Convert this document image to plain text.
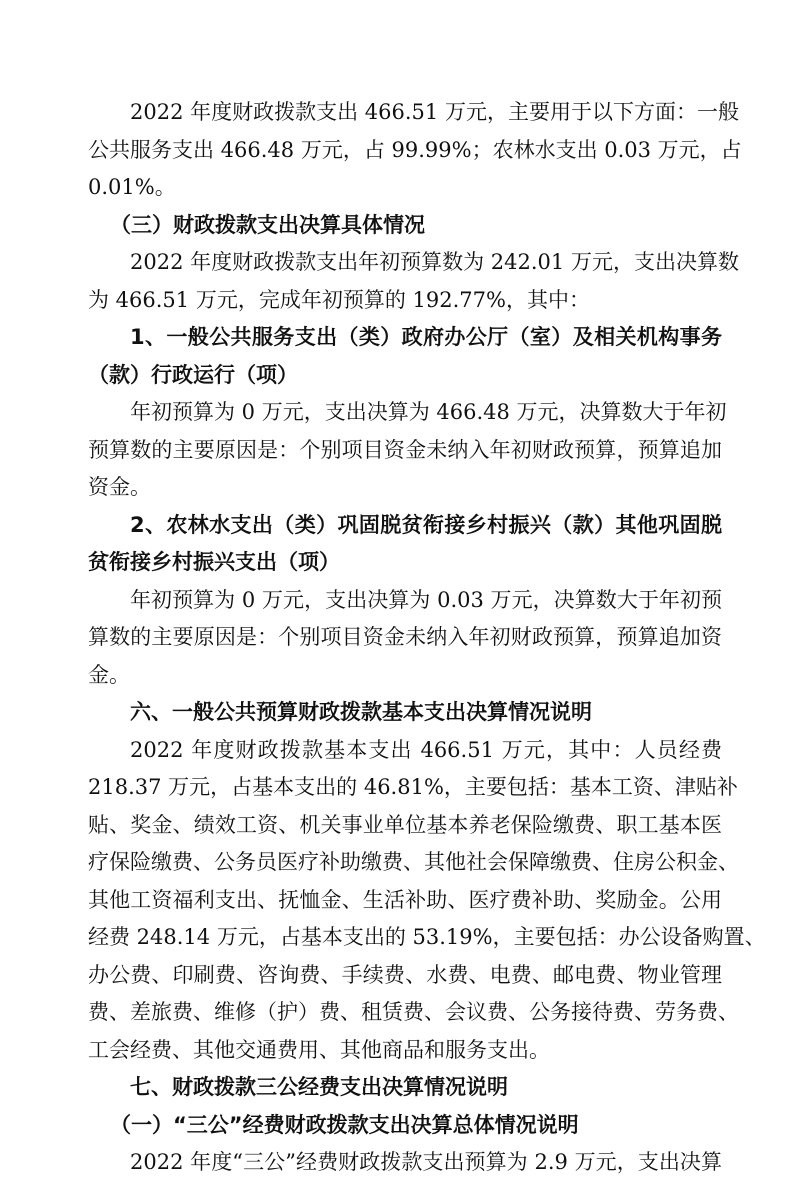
2022 年度财政拨款支出 466.51 万元，主要用于以下方面：一般
公共服务支出 466.48 万元，占 99.99%；农林水支出 0.03 万元，占
0.01%。
（三）财政拨款支出决算具体情况
2022 年度财政拨款支出年初预算数为 242.01 万元，支出决算数
为 466.51 万元，完成年初预算的 192.77%，其中：
1、一般公共服务支出（类）政府办公厅（室）及相关机构事务
（款）行政运行（项）
年初预算为 0 万元，支出决算为 466.48 万元，决算数大于年初
预算数的主要原因是：个别项目资金未纳入年初财政预算，预算追加
资金。
2、农林水支出（类）巩固脱贫衔接乡村振兴（款）其他巩固脱
贫衔接乡村振兴支出（项）
年初预算为 0 万元，支出决算为 0.03 万元，决算数大于年初预
算数的主要原因是：个别项目资金未纳入年初财政预算，预算追加资
金。
六、一般公共预算财政拨款基本支出决算情况说明
2022 年度财政拨款基本支出 466.51 万元，其中：人员经费
218.37 万元，占基本支出的 46.81%，主要包括：基本工资、津贴补
贴、奖金、绩效工资、机关事业单位基本养老保险缴费、职工基本医
疗保险缴费、公务员医疗补助缴费、其他社会保障缴费、住房公积金、
其他工资福利支出、抚恤金、生活补助、医疗费补助、奖励金。公用
经费 248.14 万元，占基本支出的 53.19%，主要包括：办公设备购置、
办公费、印刷费、咨询费、手续费、水费、电费、邮电费、物业管理
费、差旅费、维修（护）费、租赁费、会议费、公务接待费、劳务费、
工会经费、其他交通费用、其他商品和服务支出。
七、财政拨款三公经费支出决算情况说明
（一）“三公”经费财政拨款支出决算总体情况说明
2022 年度“三公”经费财政拨款支出预算为 2.9 万元，支出决算
